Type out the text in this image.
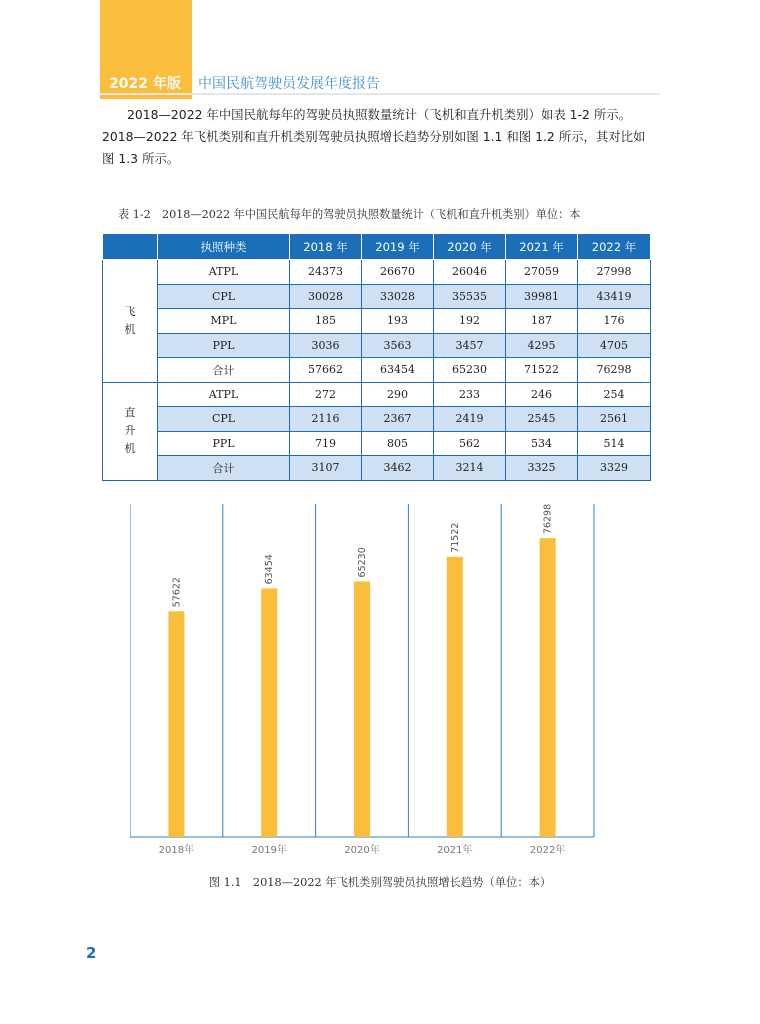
2022 年版 中国民航驾驶员发展年度报告

2018—2022 年中国民航每年的驾驶员执照数量统计（飞机和直升机类别）如表 1-2 所示。

2018—2022 年飞机类别和直升机类别驾驶员执照增长趋势分别如图 1.1 和图 1.2 所示，其对比如

图 1.3 所示。

表 1-2　2018—2022 年中国民航每年的驾驶员执照数量统计（飞机和直升机类别）单位：本
	执照种类	2018 年	2019 年	2020 年	2021 年	2022 年

飞
机	ATPL	24373	26670	26046	27059	27998
	CPL	30028	33028	35535	39981	43419
	MPL	185	193	192	187	176
	PPL	3036	3563	3457	4295	4705
	合计	57662	63454	65230	71522	76298

直
升
机	ATPL	272	290	233	246	254
	CPL	2116	2367	2419	2545	2561
	PPL	719	805	562	534	514
	合计	3107	3462	3214	3325	3329
57622
2018年
63454
2019年
65230
2020年
71522
2021年
76298
2022年
图 1.1　2018—2022 年飞机类别驾驶员执照增长趋势（单位：本）
2
